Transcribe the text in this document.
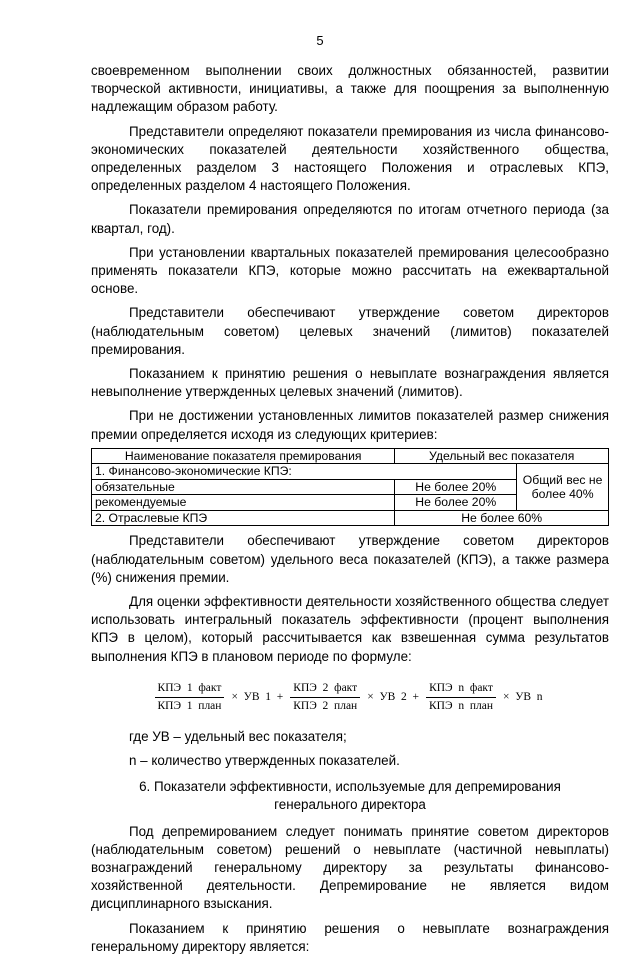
5

своевременном выполнении своих должностных обязанностей, развитии творческой активности, инициативы, а также для поощрения за выполненную надлежащим образом работу.

Представители определяют показатели премирования из числа финансово-экономических показателей деятельности хозяйственного общества, определенных разделом 3 настоящего Положения и отраслевых КПЭ, определенных разделом 4 настоящего Положения.

Показатели премирования определяются по итогам отчетного периода (за квартал, год).

При установлении квартальных показателей премирования целесообразно применять показатели КПЭ, которые можно рассчитать на ежеквартальной основе.

Представители обеспечивают утверждение советом директоров (наблюдательным советом) целевых значений (лимитов) показателей премирования.

Показанием к принятию решения о невыплате вознаграждения является невыполнение утвержденных целевых значений (лимитов).

При не достижении установленных лимитов показателей размер снижения премии определяется исходя из следующих критериев:

Наименование показателя премирования	Удельный вес показателя	
1. Финансово-экономические КПЭ:		Общий вес не более 40%
обязательные	Не более 20%	
рекомендуемые	Не более 20%	
2. Отраслевые КПЭ	Не более 60%	

Представители обеспечивают утверждение советом директоров (наблюдательным советом) удельного веса показателей (КПЭ), а также размера (%) снижения премии.

Для оценки эффективности деятельности хозяйственного общества следует использовать интегральный показатель эффективности (процент выполнения КПЭ в целом), который рассчитывается как взвешенная сумма результатов выполнения КПЭ в плановом периоде по формуле:

$\frac{\text{КПЭ  1  факт}}{\text{КПЭ  1  план}}$ ×  УВ  $1 + \frac{\text{КПЭ  2  факт}}{\text{КПЭ  2  план}}$ ×  УВ  $2 + \frac{\text{КПЭ  n  факт}}{\text{КПЭ  n  план}}$ ×  УВ  n

где УВ – удельный вес показателя;

n – количество утвержденных показателей.

6. Показатели эффективности, используемые для депремирования
генерального директора

Под депремированием следует понимать принятие советом директоров (наблюдательным советом) решений о невыплате (частичной невыплаты) вознаграждений генеральному директору за результаты финансово-хозяйственной деятельности. Депремирование не является видом дисциплинарного взыскания.

Показанием к принятию решения о невыплате вознаграждения генеральному директору является:
